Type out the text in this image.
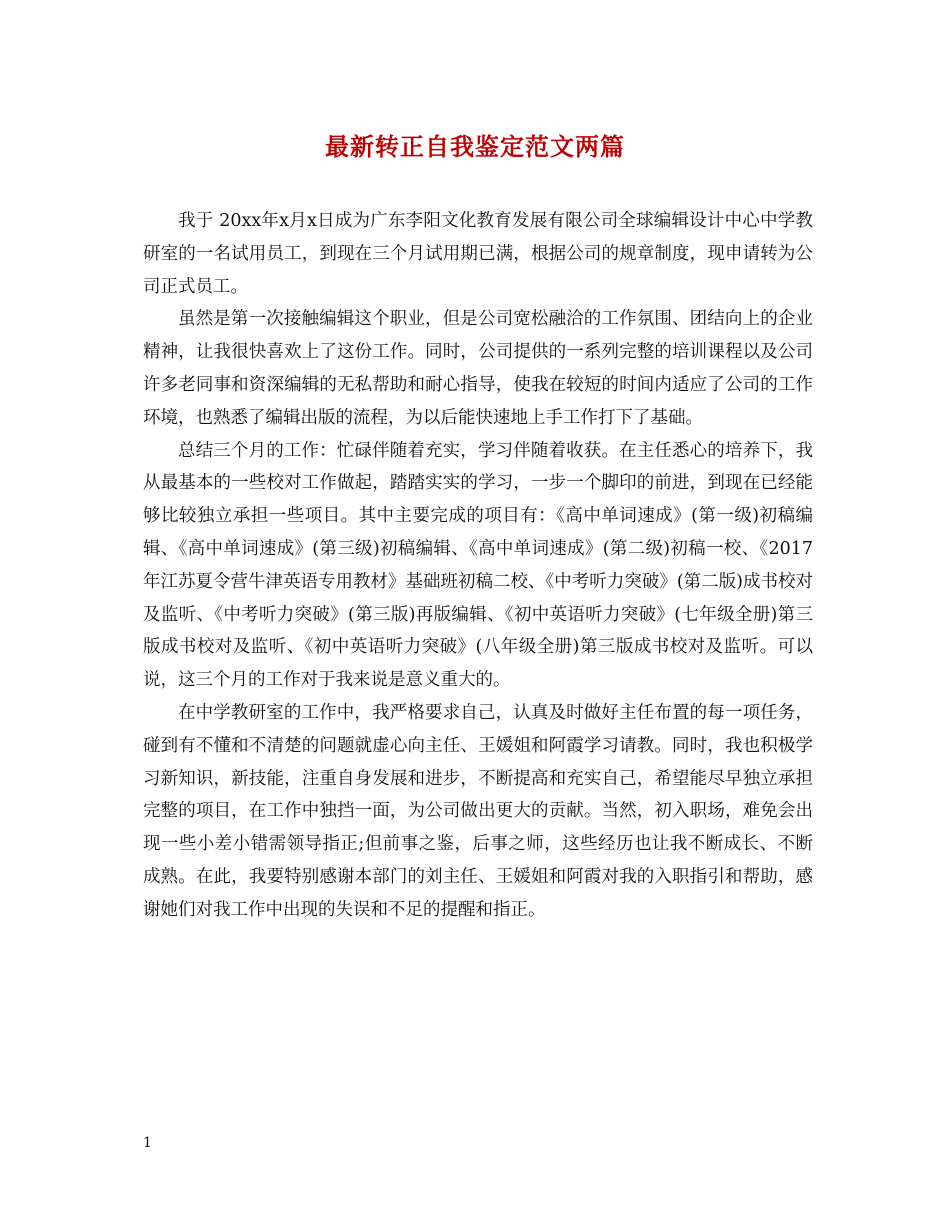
最新转正自我鉴定范文两篇

我于 20xx年x月x日成为广东李阳文化教育发展有限公司全球编辑设计中心中学教研室的一名试用员工，到现在三个月试用期已满，根据公司的规章制度，现申请转为公司正式员工。

虽然是第一次接触编辑这个职业，但是公司宽松融洽的工作氛围、团结向上的企业精神，让我很快喜欢上了这份工作。同时，公司提供的一系列完整的培训课程以及公司许多老同事和资深编辑的无私帮助和耐心指导，使我在较短的时间内适应了公司的工作环境，也熟悉了编辑出版的流程，为以后能快速地上手工作打下了基础。

总结三个月的工作：忙碌伴随着充实，学习伴随着收获。在主任悉心的培养下，我从最基本的一些校对工作做起，踏踏实实的学习，一步一个脚印的前进，到现在已经能够比较独立承担一些项目。其中主要完成的项目有：《高中单词速成》(第一级)初稿编辑、《高中单词速成》(第三级)初稿编辑、《高中单词速成》(第二级)初稿一校、《2017年江苏夏令营牛津英语专用教材》基础班初稿二校、《中考听力突破》(第二版)成书校对及监听、《中考听力突破》(第三版)再版编辑、《初中英语听力突破》(七年级全册)第三版成书校对及监听、《初中英语听力突破》(八年级全册)第三版成书校对及监听。可以说，这三个月的工作对于我来说是意义重大的。

在中学教研室的工作中，我严格要求自己，认真及时做好主任布置的每一项任务，碰到有不懂和不清楚的问题就虚心向主任、王媛姐和阿霞学习请教。同时，我也积极学习新知识，新技能，注重自身发展和进步，不断提高和充实自己，希望能尽早独立承担完整的项目，在工作中独挡一面，为公司做出更大的贡献。当然，初入职场，难免会出现一些小差小错需领导指正;但前事之鉴，后事之师，这些经历也让我不断成长、不断成熟。在此，我要特别感谢本部门的刘主任、王媛姐和阿霞对我的入职指引和帮助，感谢她们对我工作中出现的失误和不足的提醒和指正。

1
